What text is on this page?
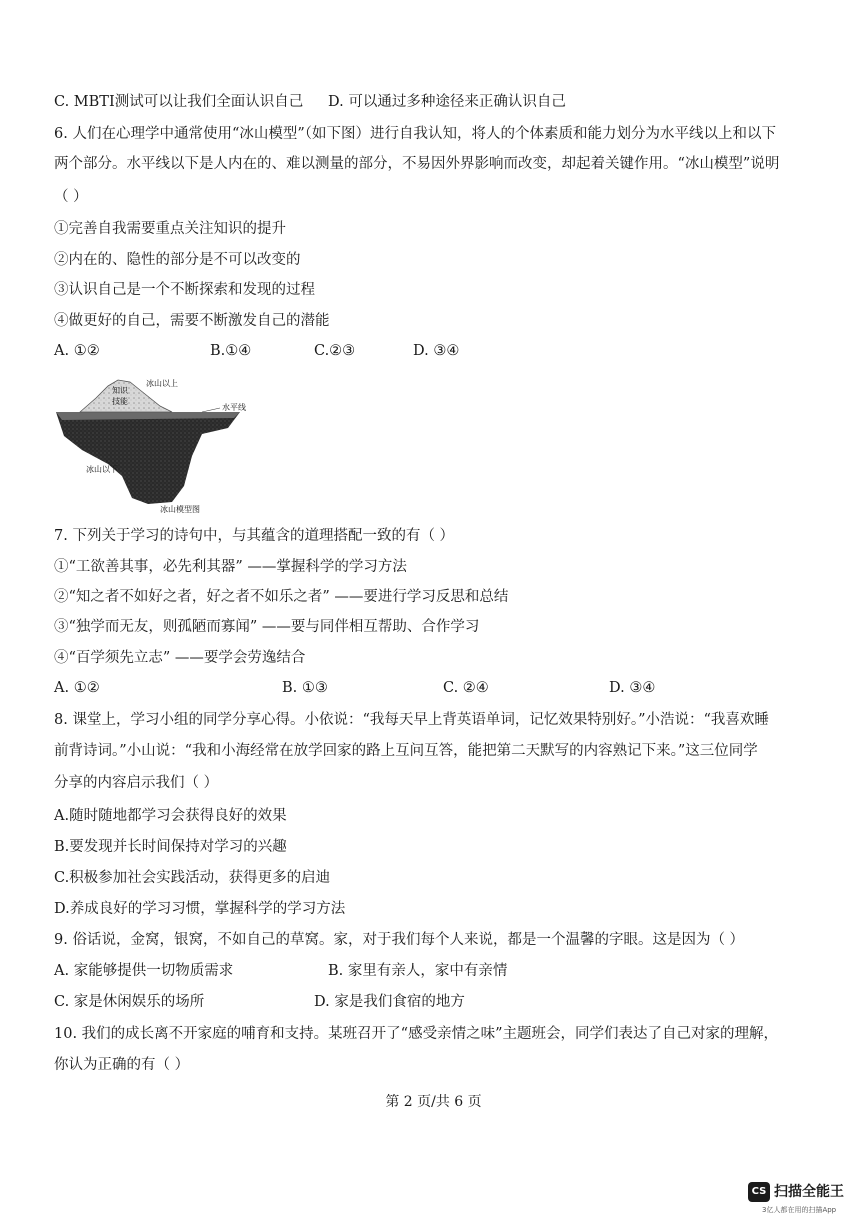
C. MBTI测试可以让我们全面认识自己 D. 可以通过多种途径来正确认识自己
6. 人们在心理学中通常使用“冰山模型”（如下图）进行自我认知，将人的个体素质和能力划分为水平线以上和以下
两个部分。水平线以下是人内在的、难以测量的部分，不易因外界影响而改变，却起着关键作用。“冰山模型”说明
（ ）
①完善自我需要重点关注知识的提升
②内在的、隐性的部分是不可以改变的
③认识自己是一个不断探索和发现的过程
④做更好的自己，需要不断激发自己的潜能
A. ①②	B.①④	C.②③	D. ③④
冰山以上
知识
技能
水平线
冰山以下
冰山模型图
7. 下列关于学习的诗句中，与其蕴含的道理搭配一致的有（ ）
①“工欲善其事，必先利其器” ——掌握科学的学习方法
②“知之者不如好之者，好之者不如乐之者” ——要进行学习反思和总结
③“独学而无友，则孤陋而寡闻” ——要与同伴相互帮助、合作学习
④“百学须先立志” ——要学会劳逸结合
A. ①②	B. ①③	C. ②④	D. ③④
8. 课堂上，学习小组的同学分享心得。小依说：“我每天早上背英语单词，记忆效果特别好。”小浩说：“我喜欢睡
前背诗词。”小山说：“我和小海经常在放学回家的路上互问互答，能把第二天默写的内容熟记下来。”这三位同学
分享的内容启示我们（ ）
A.随时随地都学习会获得良好的效果
B.要发现并长时间保持对学习的兴趣
C.积极参加社会实践活动，获得更多的启迪
D.养成良好的学习习惯，掌握科学的学习方法
9. 俗话说，金窝，银窝，不如自己的草窝。家，对于我们每个人来说，都是一个温馨的字眼。这是因为（ ）
A. 家能够提供一切物质需求	B. 家里有亲人，家中有亲情
C. 家是休闲娱乐的场所	D. 家是我们食宿的地方
10. 我们的成长离不开家庭的哺育和支持。某班召开了“感受亲情之味”主题班会，同学们表达了自己对家的理解，
你认为正确的有（ ）
第 2 页/共 6 页
CS 扫描全能王
3亿人都在用的扫描App
